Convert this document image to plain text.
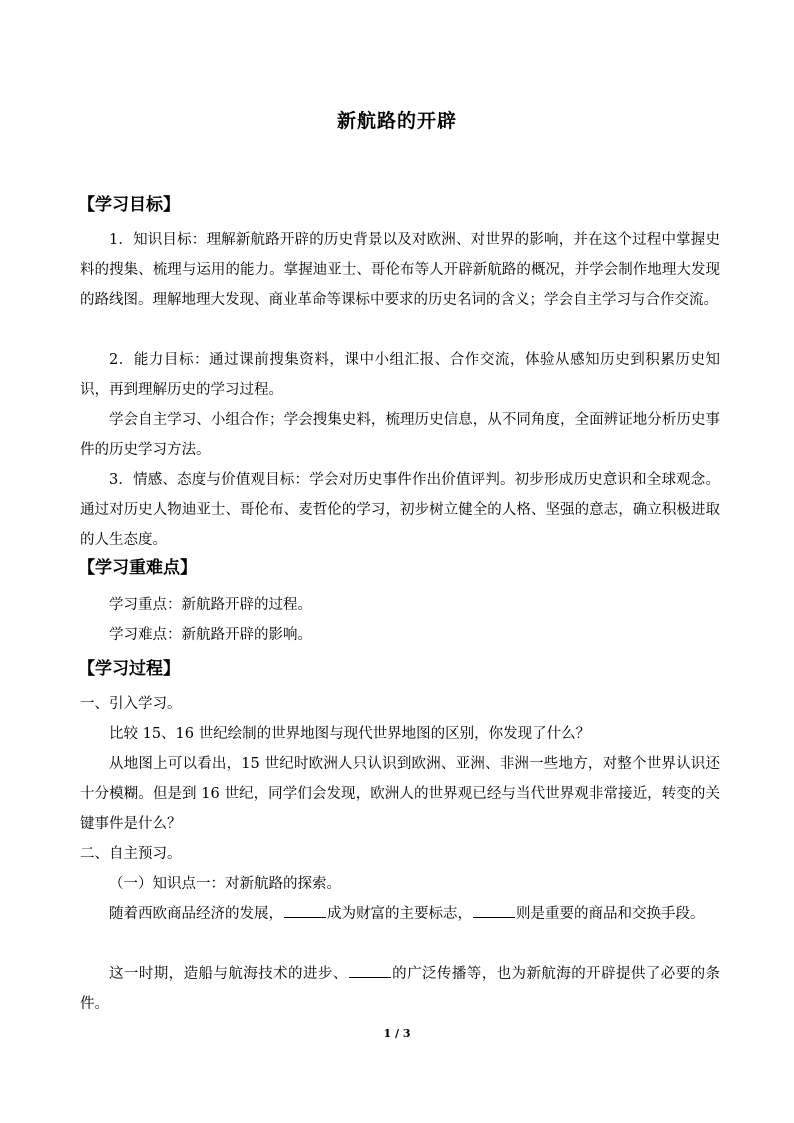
新航路的开辟
【学习目标】

1．知识目标：理解新航路开辟的历史背景以及对欧洲、对世界的影响，并在这个过程中掌握史料的搜集、梳理与运用的能力。掌握迪亚士、哥伦布等人开辟新航路的概况，并学会制作地理大发现的路线图。理解地理大发现、商业革命等课标中要求的历史名词的含义；学会自主学习与合作交流。

2．能力目标：通过课前搜集资料，课中小组汇报、合作交流，体验从感知历史到积累历史知识，再到理解历史的学习过程。

学会自主学习、小组合作；学会搜集史料，梳理历史信息，从不同角度，全面辨证地分析历史事件的历史学习方法。

3．情感、态度与价值观目标：学会对历史事件作出价值评判。初步形成历史意识和全球观念。通过对历史人物迪亚士、哥伦布、麦哲伦的学习，初步树立健全的人格、坚强的意志，确立积极进取的人生态度。

【学习重难点】

学习重点：新航路开辟的过程。

学习难点：新航路开辟的影响。

【学习过程】

一、引入学习。

比较 15、16 世纪绘制的世界地图与现代世界地图的区别，你发现了什么？

从地图上可以看出，15 世纪时欧洲人只认识到欧洲、亚洲、非洲一些地方，对整个世界认识还十分模糊。但是到 16 世纪，同学们会发现，欧洲人的世界观已经与当代世界观非常接近，转变的关键事件是什么？

二、自主预习。

（一）知识点一：对新航路的探索。

随着西欧商品经济的发展，	成为财富的主要标志，	则是重要的商品和交换手段。

这一时期，造船与航海技术的进步、	的广泛传播等，也为新航海的开辟提供了必要的条件。

1 / 3
